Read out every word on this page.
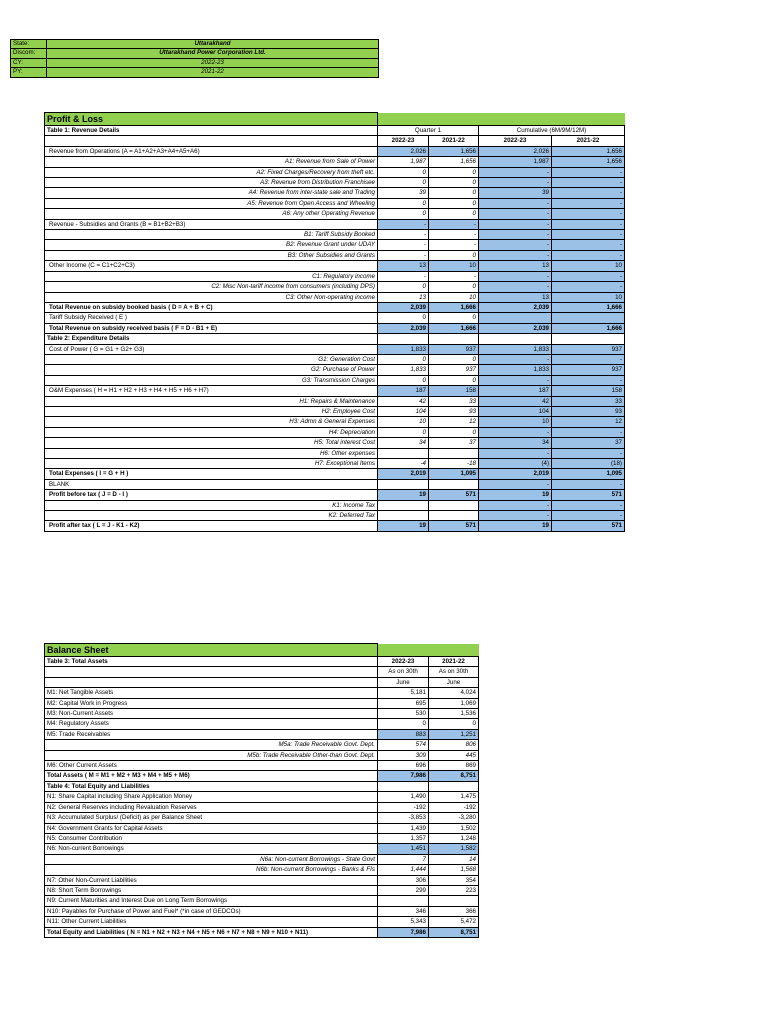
State:	Uttarakhand
Discom:	Uttarakhand Power Corporation Ltd.
CY:	2022-23
PY:	2021-22
Profit & Loss				
Table 1: Revenue Details	Quarter 1		Cumulative (6M/9M/12M)	
	2022-23	2021-22	2022-23	2021-22
Revenue from Operations (A = A1+A2+A3+A4+A5+A6)	2,026	1,656	2,026	1,656
A1: Revenue from Sale of Power	1,987	1,656	1,987	1,656
A2: Fixed Charges/Recovery from theft etc.	0	0	-	-
A3: Revenue from Distribution Franchisee	0	0	-	-
A4: Revenue from inter-state sale and Trading	39	0	39	-
A5: Revenue from Open Access and Wheeling	0	0	-	-
A6: Any other Operating Revenue	0	0	-	-
Revenue - Subsidies and Grants (B = B1+B2+B3)	-	-	-	-
B1: Tariff Subsidy Booked	-	-	-	-
B2: Revenue Grant under UDAY	-	-	-	-
B3: Other Subsidies and Grants	-	0	-	-
Other Income (C = C1+C2+C3)	13	10	13	10
C1: Regulatory income	-	-	-	-
C2: Misc Non-tariff income from consumers (including DPS)	0	0	-	-
C3: Other Non-operating income	13	10	13	10
Total Revenue on subsidy booked basis ( D = A + B + C)	2,039	1,666	2,039	1,666
Tariff Subsidy Received ( E )	0	0		
Total Revenue on subsidy received basis ( F = D - B1 + E)	2,039	1,666	2,039	1,666
Table 2: Expenditure Details				
Cost of Power ( G = G1 + G2+ G3)	1,833	937	1,833	937
G1: Generation Cost	0	0	-	-
G2: Purchase of Power	1,833	937	1,833	937
G3: Transmission Charges	0	0	-	-
O&M Expenses ( H = H1 + H2 + H3 + H4 + H5 + H6 + H7)	187	158	187	158
H1: Repairs & Maintenance	42	33	42	33
H2: Employee Cost	104	93	104	93
H3: Admn & General Expenses	10	12	10	12
H4: Depreciation	0	0	-	-
H5: Total interest Cost	34	37	34	37
H6: Other expenses			-	-
H7: Exceptional Items	-4	-18	(4)	(18)
Total Expenses ( I = G + H )	2,019	1,095	2,019	1,095
BLANK			-	-
Profit before tax ( J = D - I )	19	571	19	571
K1: Income Tax			-	-
K2: Deferred Tax			-	-
Profit after tax ( L = J - K1 - K2)	19	571	19	571
Balance Sheet		
Table 3: Total Assets	2022-23	2021-22
	As on 30th	As on 30th
	June	June
M1: Net Tangible Assets	5,181	4,024
M2: Capital Work in Progress	695	1,069
M3: Non-Current Assets	530	1,536
M4: Regulatory Assets	0	0
M5: Trade Receivables	883	1,251
M5a: Trade Receivable Govt. Dept.	574	806
M5b: Trade Receivable Other-than Govt. Dept.	309	445
M6: Other Current Assets	696	869
Total Assets ( M = M1 + M2 + M3 + M4 + M5 + M6)	7,986	8,751
Table 4: Total Equity and Liabilities		
N1: Share Capital including Share Application Money	1,490	1,475
N2: General Reserves including Revaluation Reserves	-192	-192
N3: Accumulated Surplus/ (Deficit) as per Balance Sheet	-3,853	-3,280
N4: Government Grants for Capital Assets	1,439	1,502
N5: Consumer Contribution	1,357	1,248
N6: Non-current Borrowings	1,451	1,582
N6a: Non-current Borrowings - State Govt	7	14
N6b: Non-current Borrowings - Banks & FIs	1,444	1,568
N7: Other Non-Current Liabilities	306	354
N8: Short Term Borrowings	299	223
N9: Current Maturities and Interest Due on Long Term Borrowings		
N10: Payables for Purchase of Power and Fuel* (*in case of GEDCOs)	346	366
N11: Other Current Liabilities	5,343	5,472
Total Equity and Liabilities ( N = N1 + N2 + N3 + N4 + N5 + N6 + N7 + N8 + N9 + N10 + N11)	7,986	8,751
